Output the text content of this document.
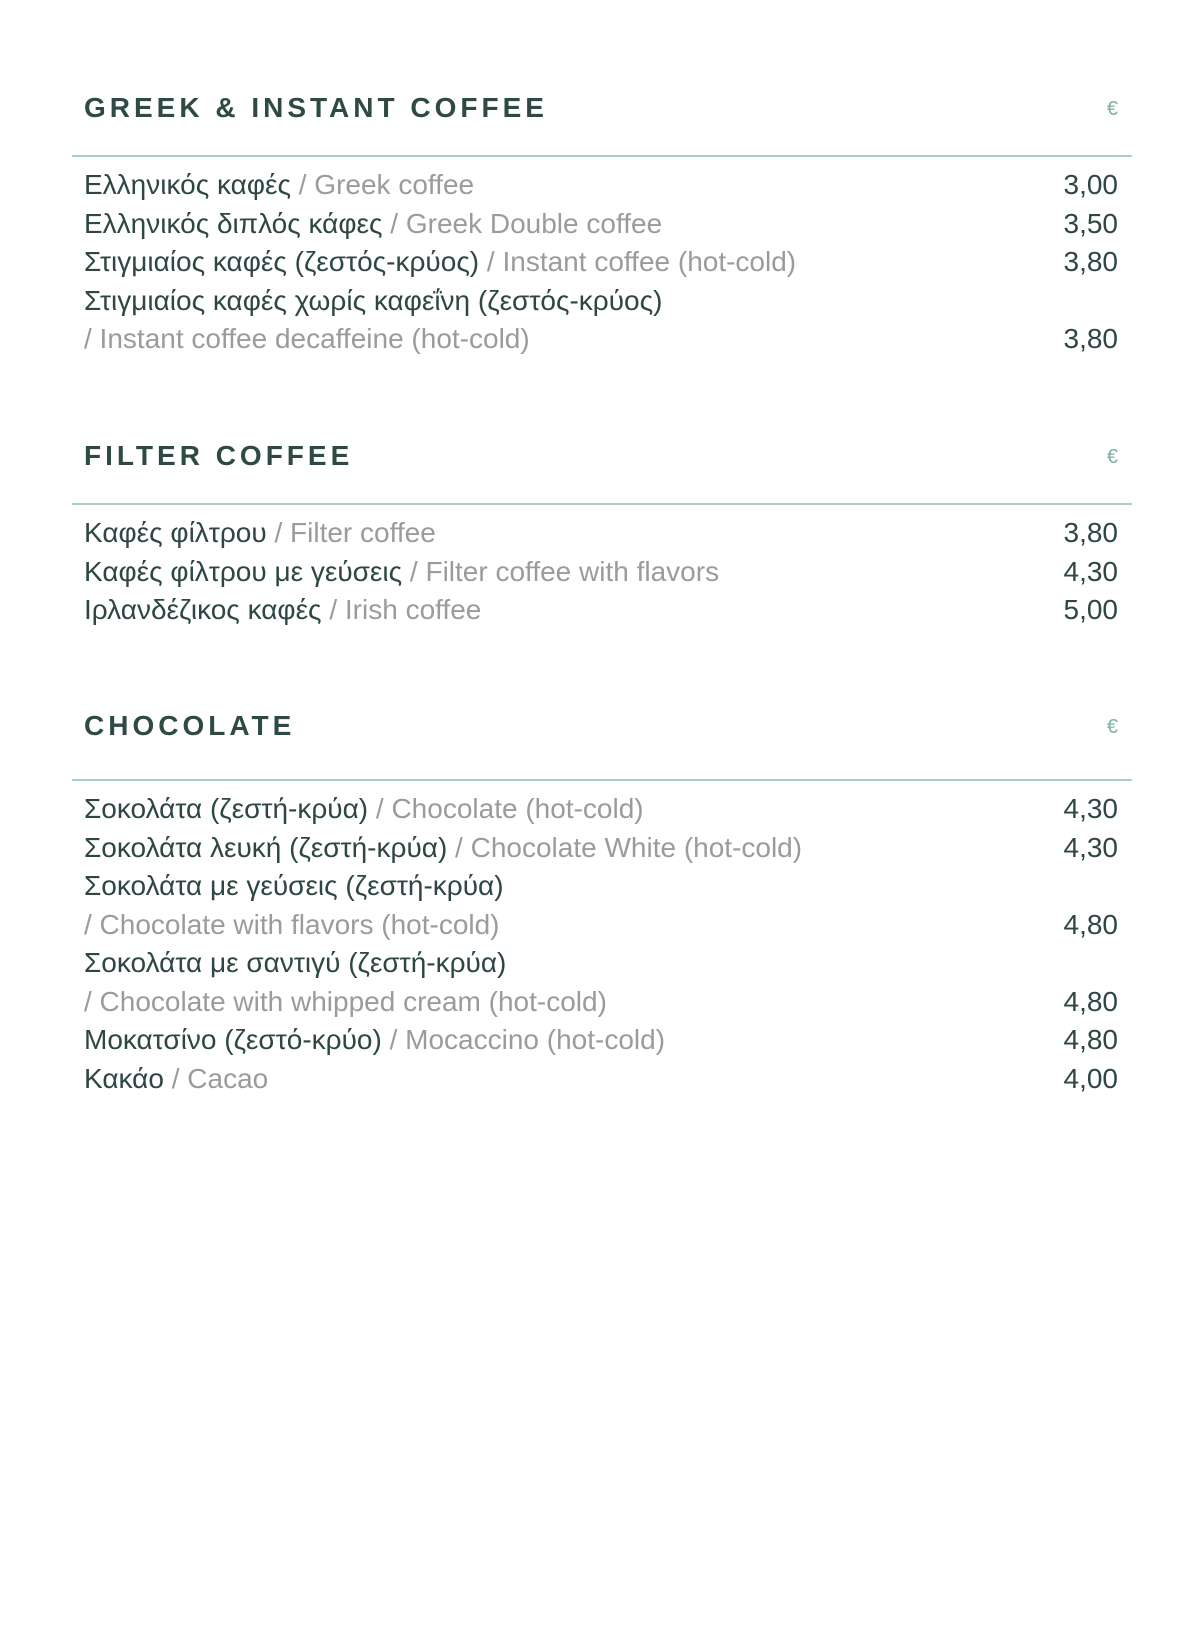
GREEK & INSTANT COFFEE	€
Ελληνικός καφές / Greek coffee	3,00
Ελληνικός διπλός κάφες / Greek Double coffee	3,50
Στιγμιαίος καφές (ζεστός-κρύος) / Instant coffee (hot-cold)	3,80
Στιγμιαίος καφές χωρίς καφεΐνη (ζεστός-κρύος)
/ Instant coffee decaffeine (hot-cold)	3,80
FILTER COFFEE	€
Καφές φίλτρου / Filter coffee	3,80
Καφές φίλτρου με γεύσεις / Filter coffee with flavors	4,30
Ιρλανδέζικος καφές / Irish coffee	5,00
CHOCOLATE	€
Σοκολάτα (ζεστή-κρύα) / Chocolate (hot-cold)	4,30
Σοκολάτα λευκή (ζεστή-κρύα) / Chocolate White (hot-cold)	4,30
Σοκολάτα με γεύσεις (ζεστή-κρύα)
/ Chocolate with flavors (hot-cold)	4,80
Σοκολάτα με σαντιγύ (ζεστή-κρύα)
/ Chocolate with whipped cream (hot-cold)	4,80
Μοκατσίνο (ζεστό-κρύο) / Mocaccino (hot-cold)	4,80
Κακάο / Cacao	4,00
